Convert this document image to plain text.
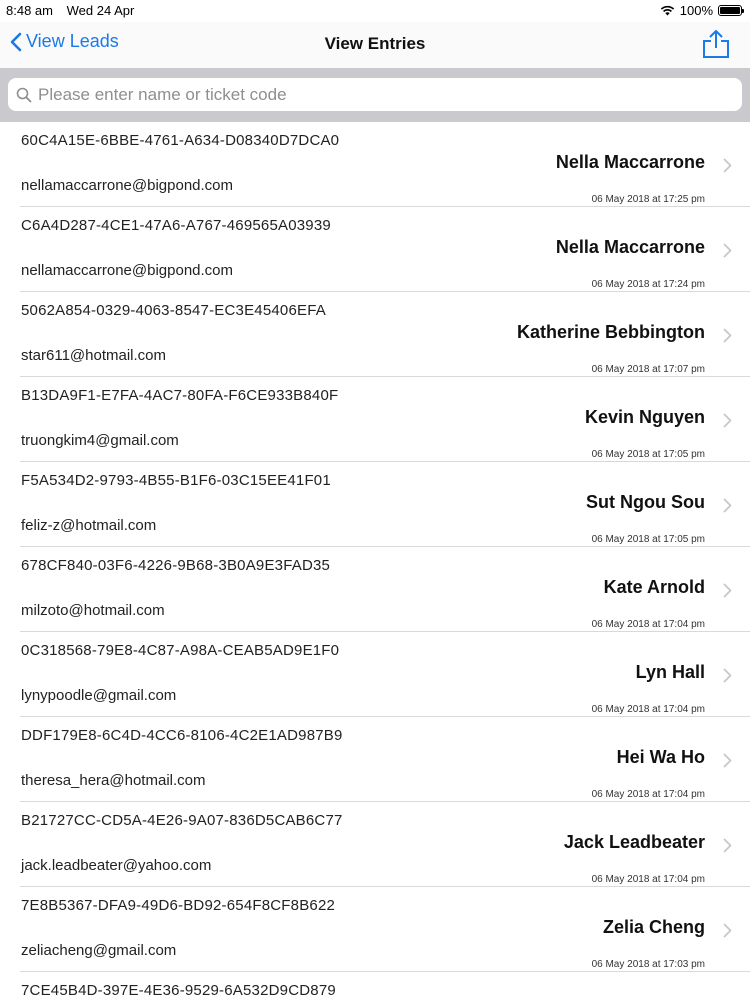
8:48 am Wed 24 Apr	100%
View Leads	View Entries
Please enter name or ticket code
60C4A15E-6BBE-4761-A634-D08340D7DCA0
Nella Maccarrone
nellamaccarrone@bigpond.com
06 May 2018 at 17:25 pm
C6A4D287-4CE1-47A6-A767-469565A03939
Nella Maccarrone
nellamaccarrone@bigpond.com
06 May 2018 at 17:24 pm
5062A854-0329-4063-8547-EC3E45406EFA
Katherine Bebbington
star611@hotmail.com
06 May 2018 at 17:07 pm
B13DA9F1-E7FA-4AC7-80FA-F6CE933B840F
Kevin Nguyen
truongkim4@gmail.com
06 May 2018 at 17:05 pm
F5A534D2-9793-4B55-B1F6-03C15EE41F01
Sut Ngou Sou
feliz-z@hotmail.com
06 May 2018 at 17:05 pm
678CF840-03F6-4226-9B68-3B0A9E3FAD35
Kate Arnold
milzoto@hotmail.com
06 May 2018 at 17:04 pm
0C318568-79E8-4C87-A98A-CEAB5AD9E1F0
Lyn Hall
lynypoodle@gmail.com
06 May 2018 at 17:04 pm
DDF179E8-6C4D-4CC6-8106-4C2E1AD987B9
Hei Wa Ho
theresa_hera@hotmail.com
06 May 2018 at 17:04 pm
B21727CC-CD5A-4E26-9A07-836D5CAB6C77
Jack Leadbeater
jack.leadbeater@yahoo.com
06 May 2018 at 17:04 pm
7E8B5367-DFA9-49D6-BD92-654F8CF8B622
Zelia Cheng
zeliacheng@gmail.com
06 May 2018 at 17:03 pm
7CE45B4D-397E-4E36-9529-6A532D9CD879
